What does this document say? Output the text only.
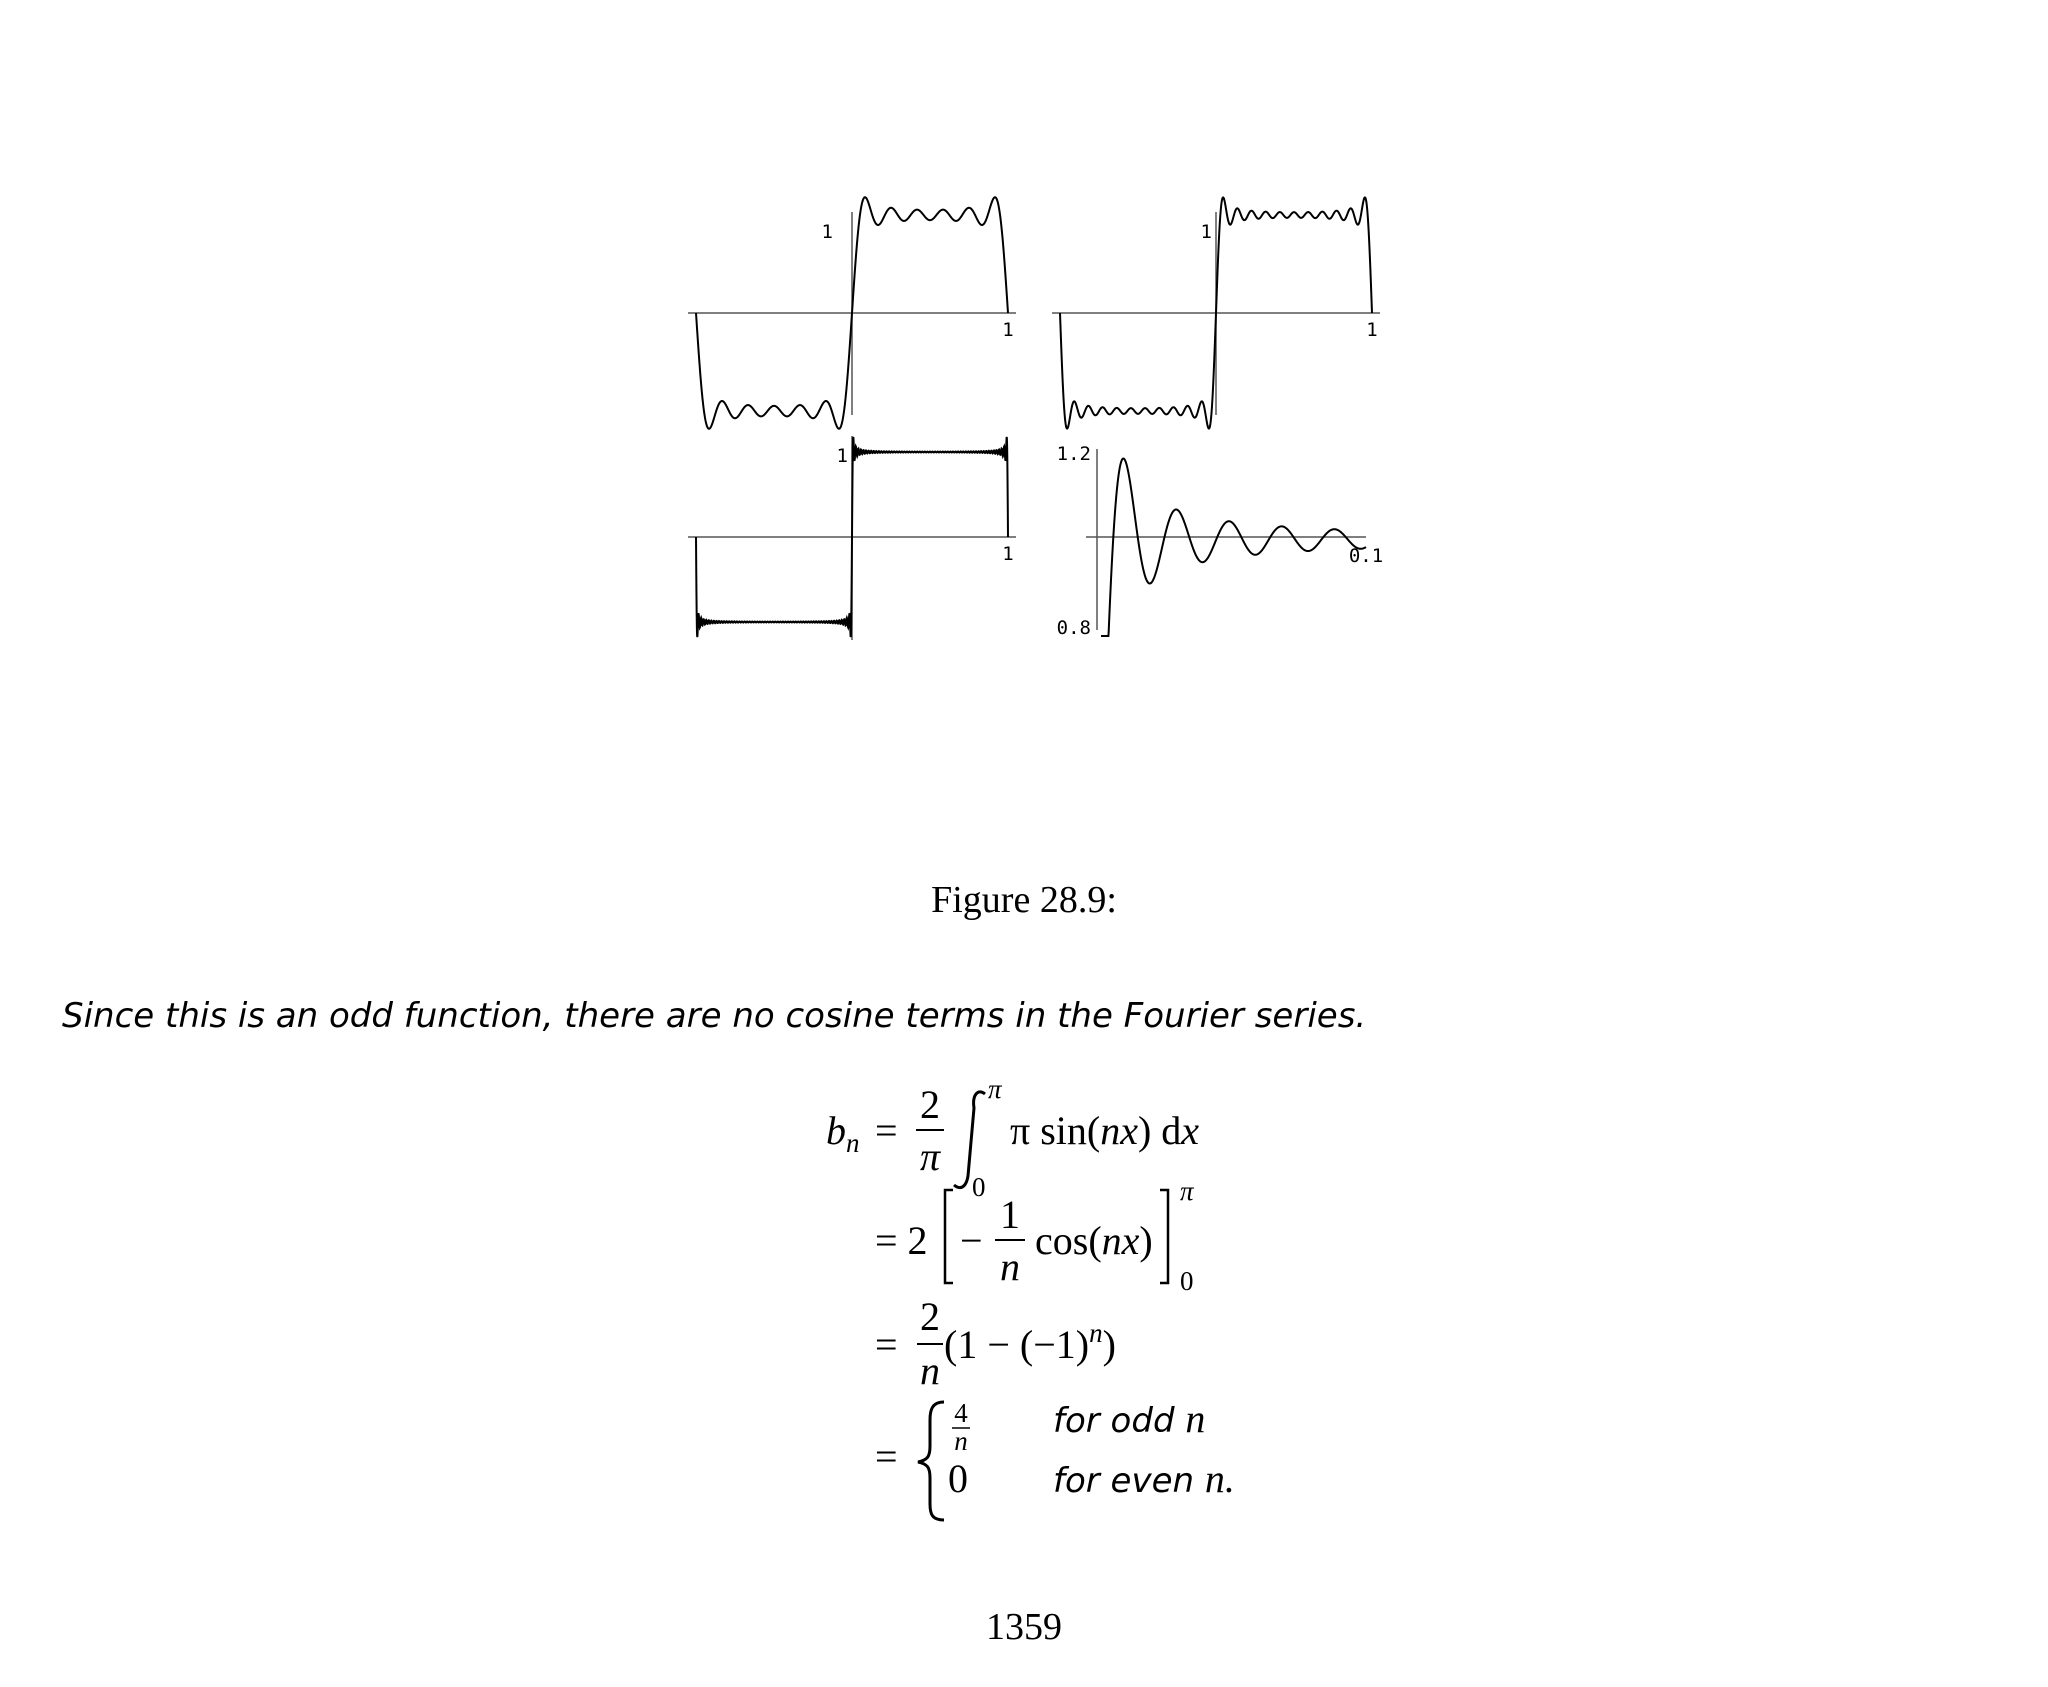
1
1
1
1
1
1
1.2
0.8
0.1
Figure 28.9:
Since this is an odd function, there are no cosine terms in the Fourier series.
b n =
2
π
π
0
π sin(nx) dx
= 2 −
1
n
cos(nx)
π
0
=
2
n
$(1 - (-1)^n)$
=
4
n	for odd n
0	for even n.
1359
